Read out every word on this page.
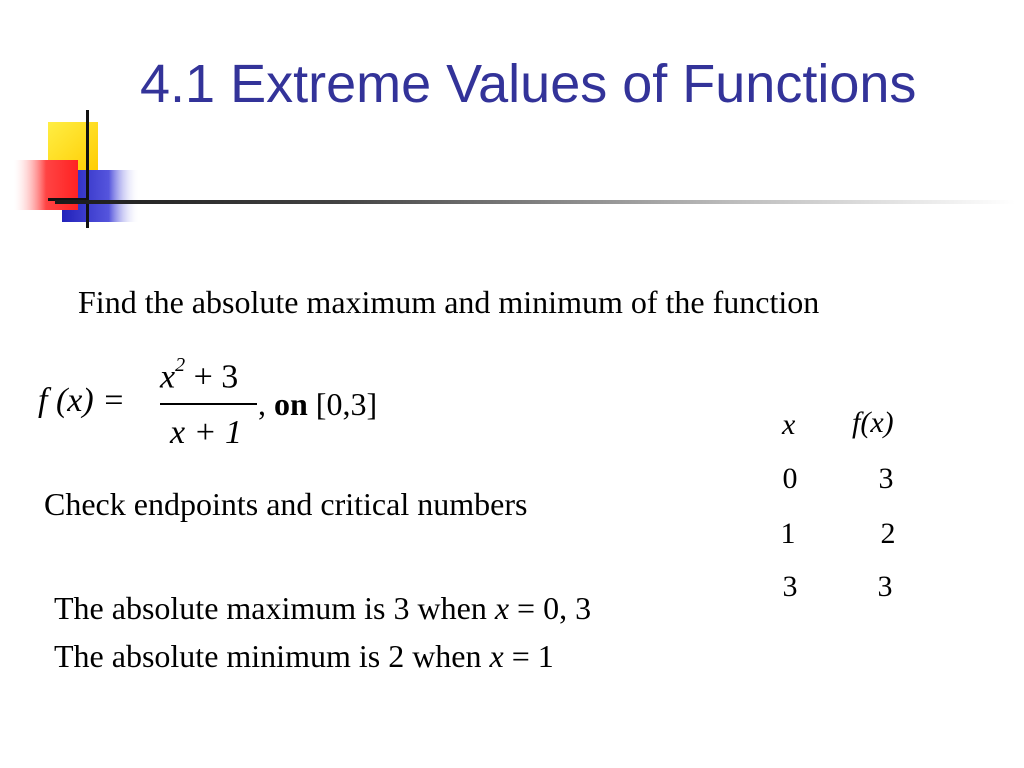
4.1 Extreme Values of Functions
Find the absolute maximum and minimum of the function
f (x) =
$x^2 + 3$
x + 1
, on [0,3]
Check endpoints and critical numbers
The absolute maximum is 3 when x = 0, 3
The absolute minimum is 2 when x = 1
x f(x)
0	3
1	2
3	3
